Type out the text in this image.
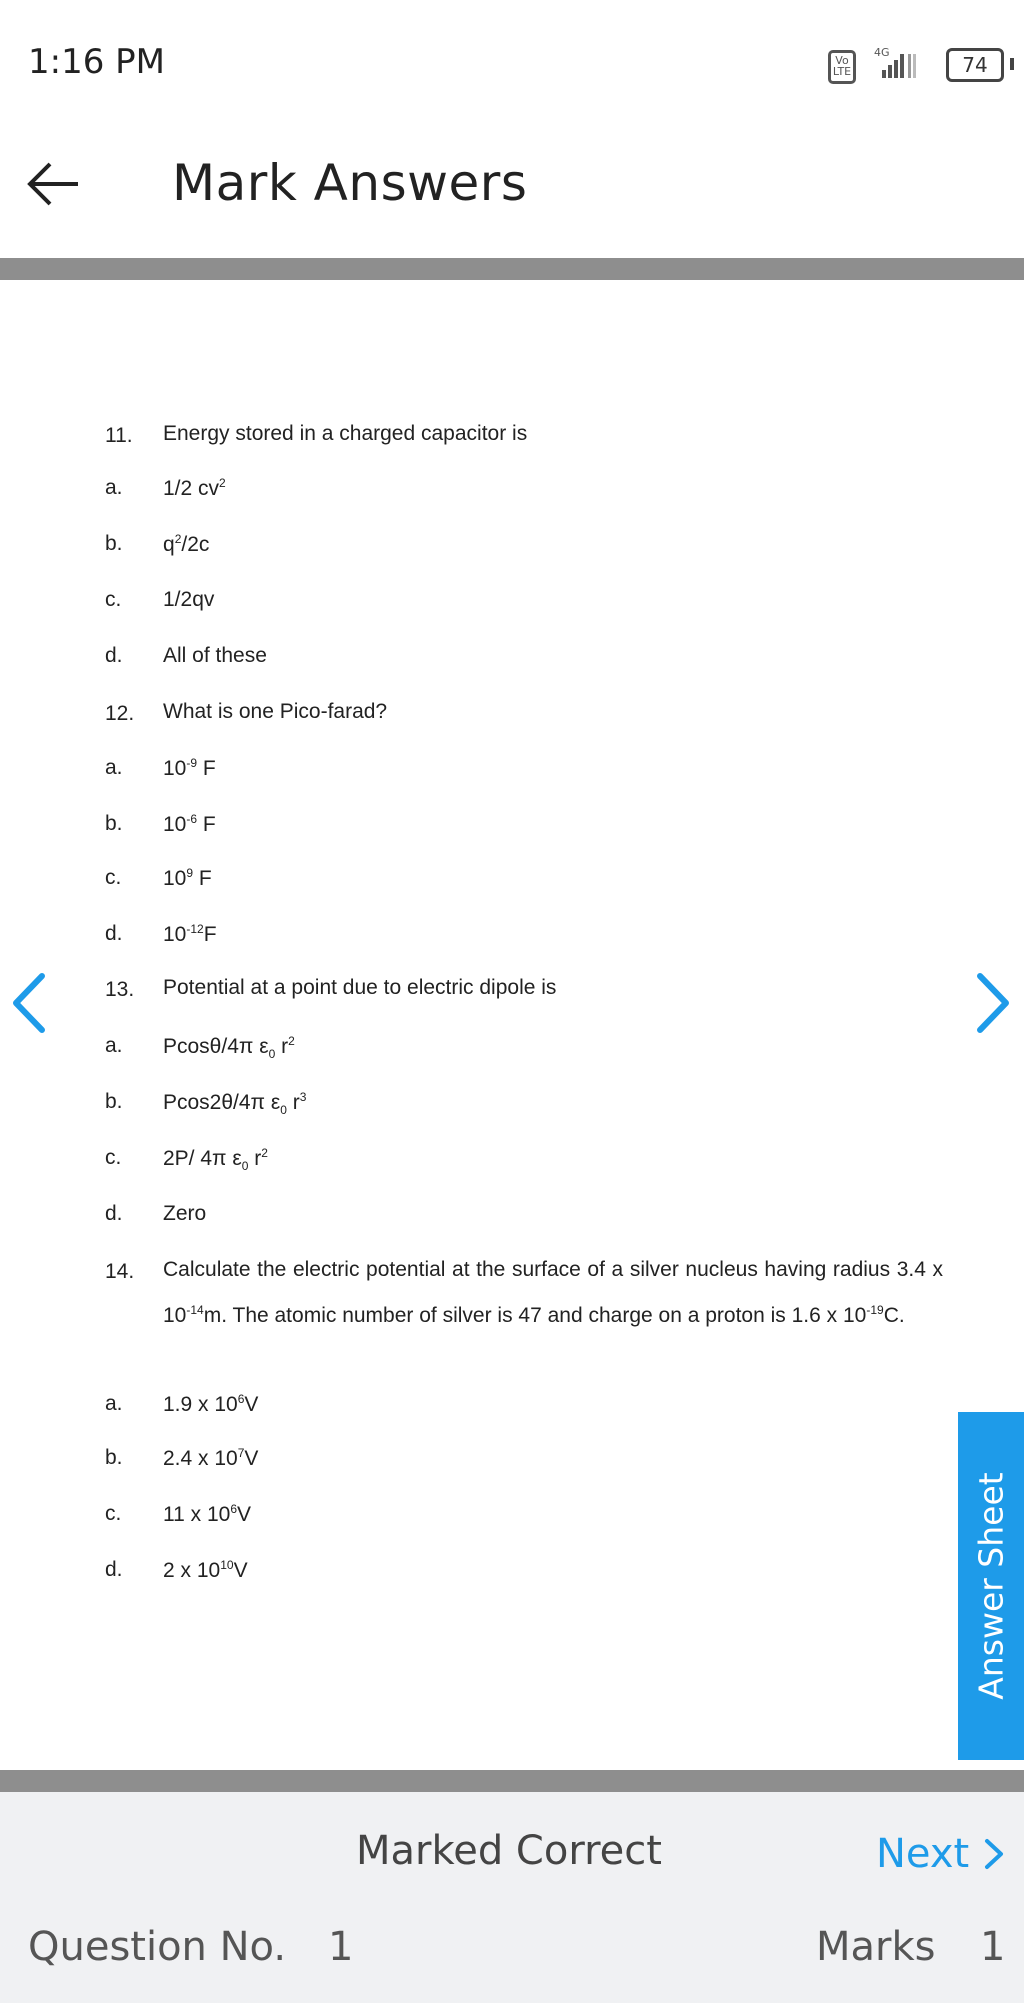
1:16 PM	Vo LTE
4G
74
Mark Answers
11. Energy stored in a charged capacitor is
a. 1/2 $cv^2$
b. $q^2/2c$
c. 1/2qv
d. All of these
12. What is one Pico-farad?
a. $10^{-9}$ F
b. $10^{-6}$ F
c. $10^9$ F
d. $10^{-12}F$
13. Potential at a point due to electric dipole is
a. Pcosθ/4π $\varepsilon_0$ $r^2$
b. Pcos2θ/4π $\varepsilon_0$ $r^3$
c. 2P/ 4π $\varepsilon_0$ $r^2$
d. Zero
14. Calculate the electric potential at the surface of a silver nucleus having radius 3.4 x $10^{-14}m$. The atomic number of silver is 47 and charge on a proton is 1.6 x $10^{-19}C$.
a. 1.9 x $10^6V$
b. 2.4 x $10^7V$
c. 11 x $10^6V$
d. 2 x $10^{10}V$	Answer Sheet
Marked Correct	Next
Question No. 1	Marks 1
